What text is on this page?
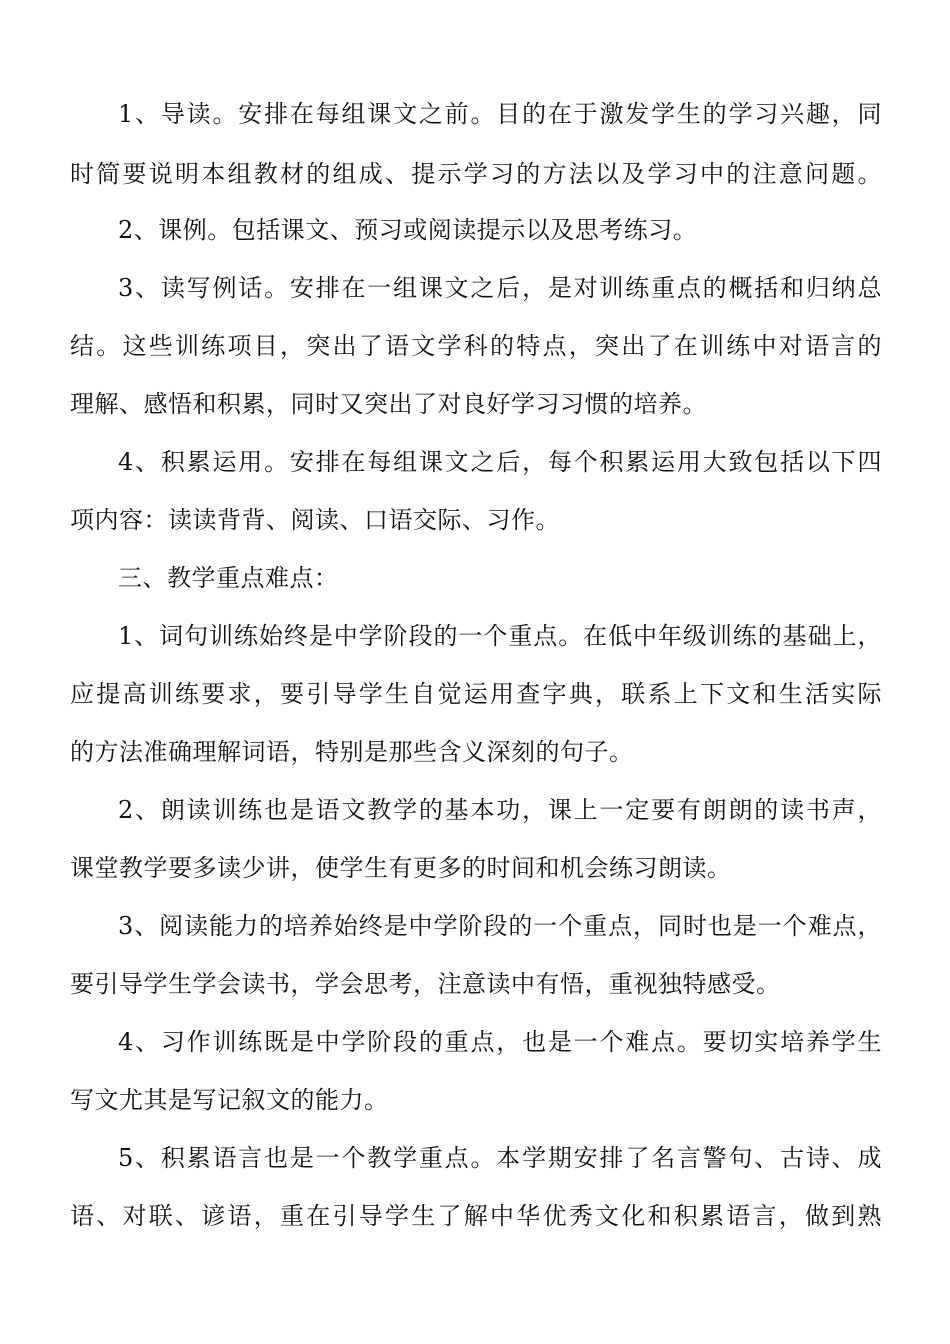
1、导读。安排在每组课文之前。目的在于激发学生的学习兴趣，同
时简要说明本组教材的组成、提示学习的方法以及学习中的注意问题。
2、课例。包括课文、预习或阅读提示以及思考练习。
3、读写例话。安排在一组课文之后，是对训练重点的概括和归纳总
结。这些训练项目，突出了语文学科的特点，突出了在训练中对语言的
理解、感悟和积累，同时又突出了对良好学习习惯的培养。
4、积累运用。安排在每组课文之后，每个积累运用大致包括以下四
项内容：读读背背、阅读、口语交际、习作。
三、教学重点难点：
1、词句训练始终是中学阶段的一个重点。在低中年级训练的基础上，
应提高训练要求，要引导学生自觉运用查字典，联系上下文和生活实际
的方法准确理解词语，特别是那些含义深刻的句子。
2、朗读训练也是语文教学的基本功，课上一定要有朗朗的读书声，
课堂教学要多读少讲，使学生有更多的时间和机会练习朗读。
3、阅读能力的培养始终是中学阶段的一个重点，同时也是一个难点，
要引导学生学会读书，学会思考，注意读中有悟，重视独特感受。
4、习作训练既是中学阶段的重点，也是一个难点。要切实培养学生
写文尤其是写记叙文的能力。
5、积累语言也是一个教学重点。本学期安排了名言警句、古诗、成
语、对联、谚语，重在引导学生了解中华优秀文化和积累语言，做到熟
